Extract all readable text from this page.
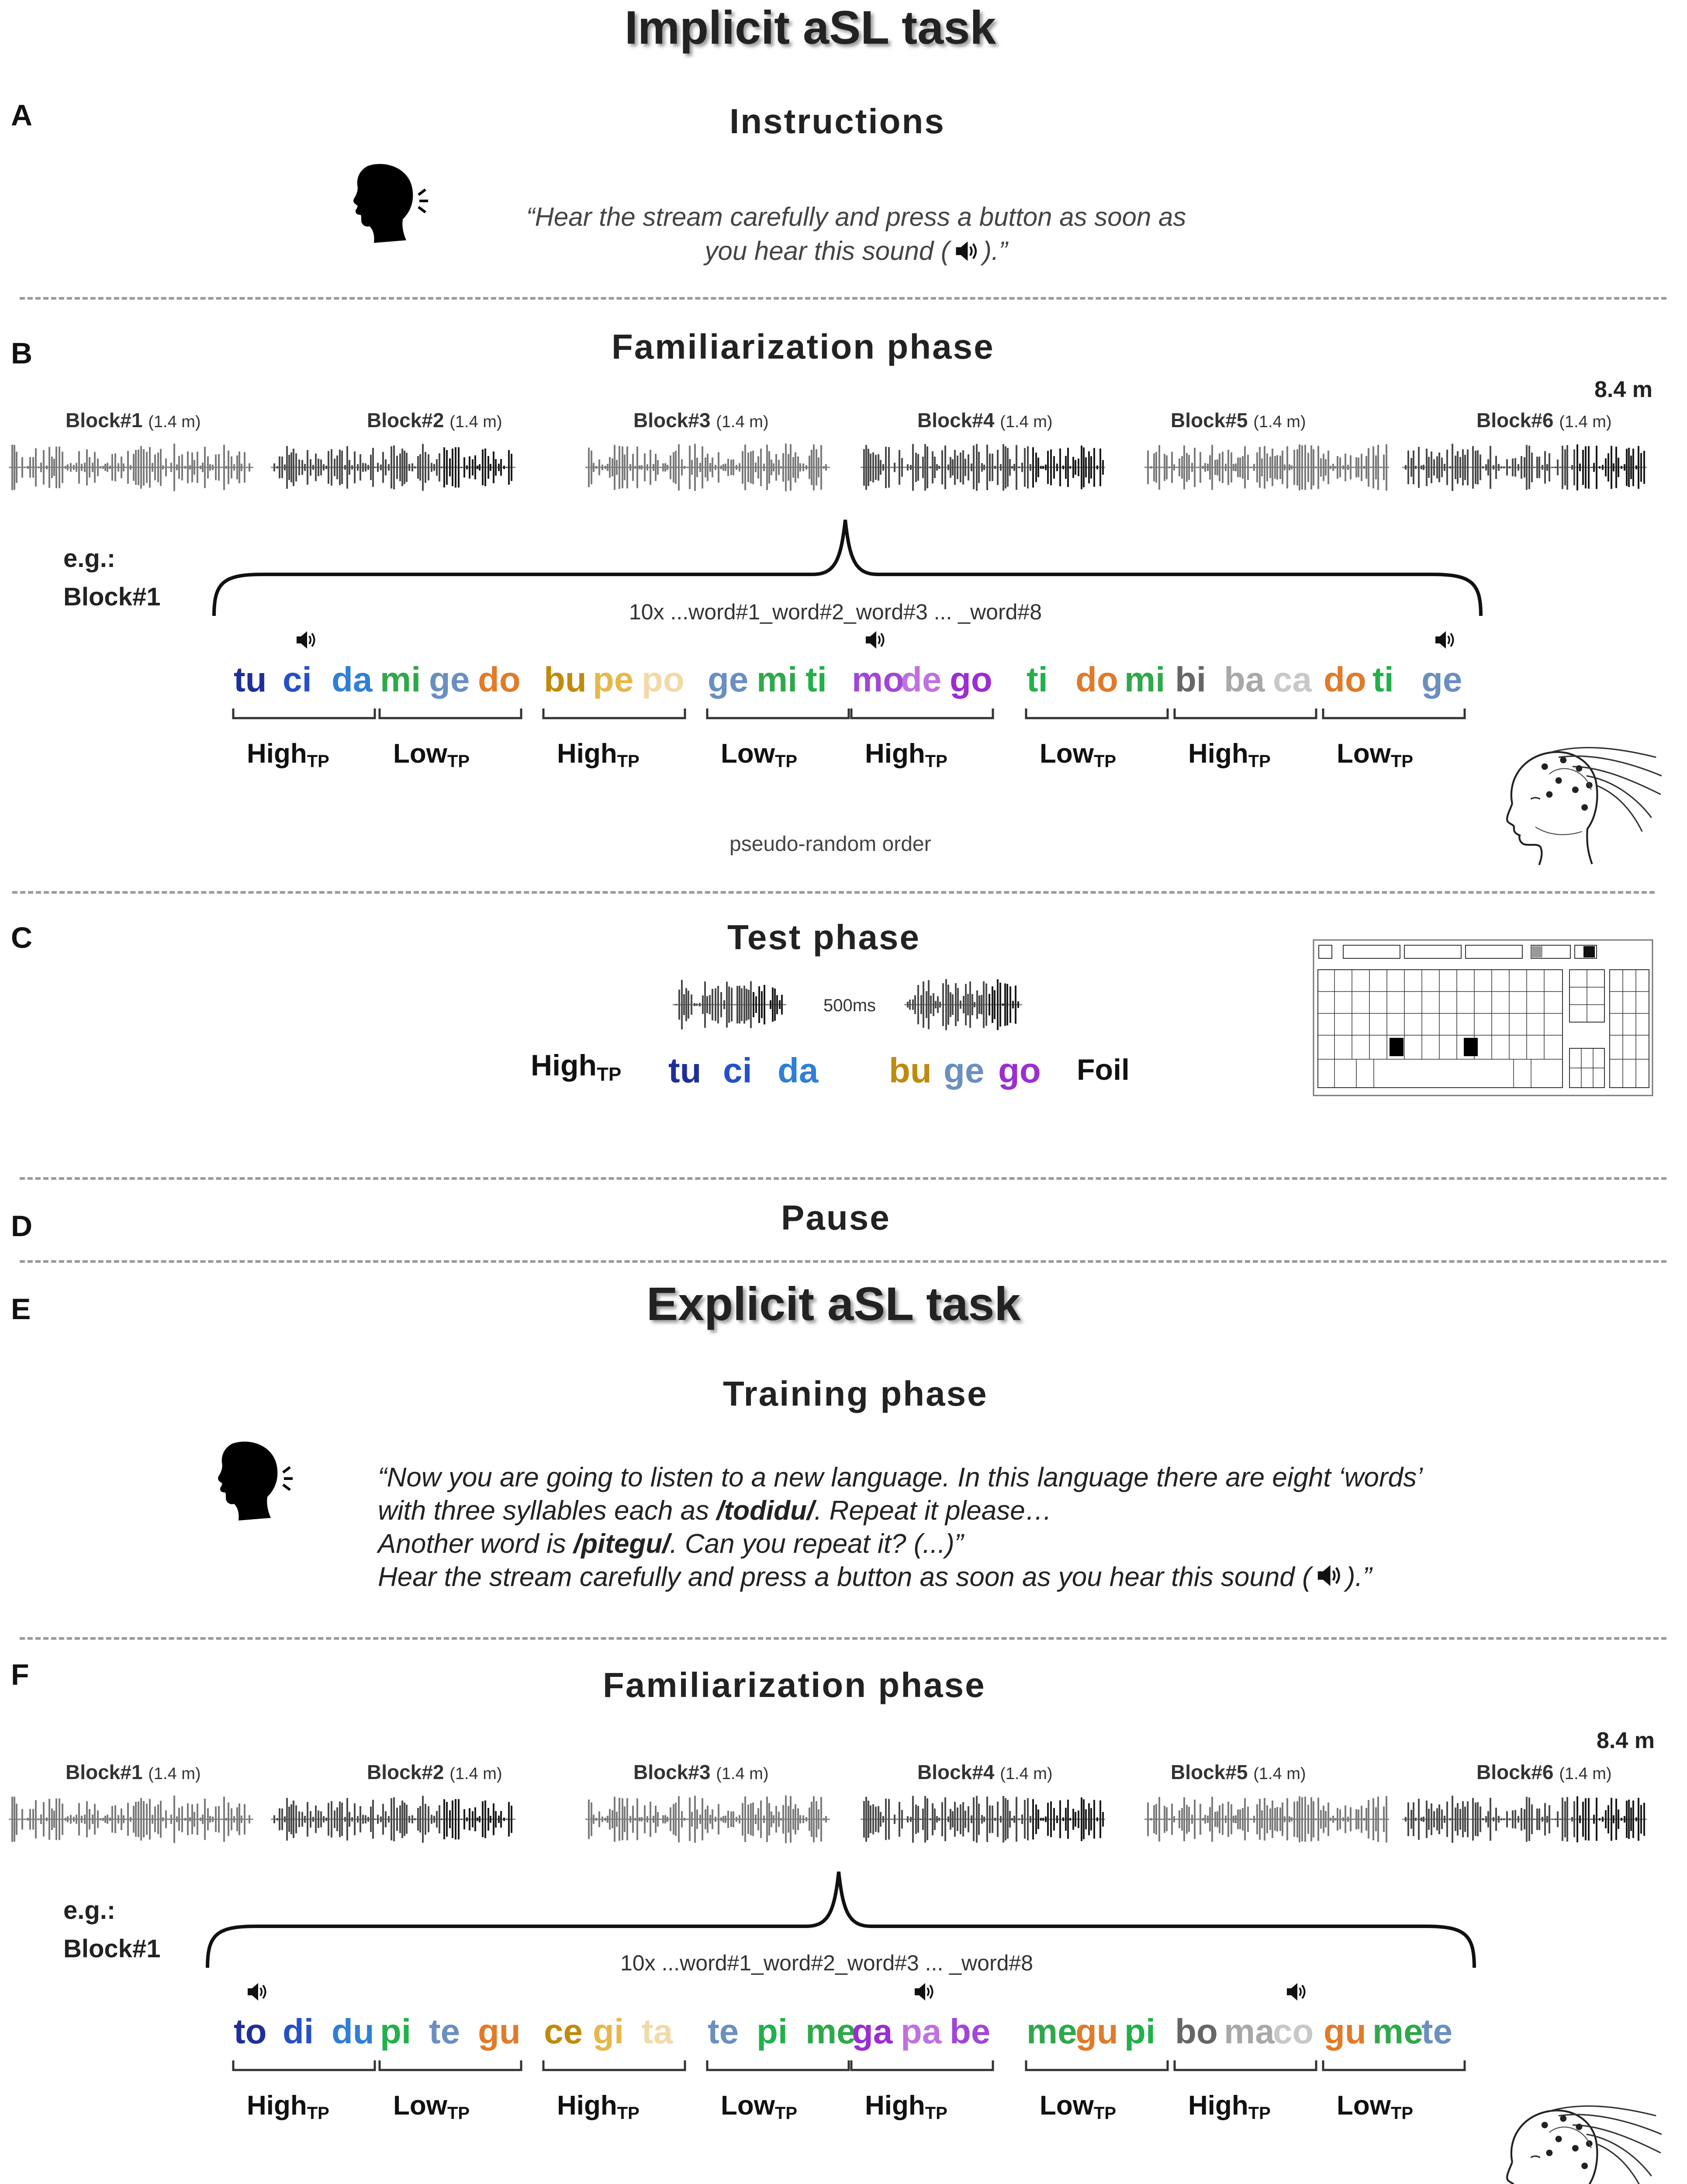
Implicit aSL task
A	Instructions
“Hear the stream carefully and press a button as soon as
you hear this sound ( ).”
B	Familiarization phase
8.4 m
Block#1 (1.4 m)	Block#2 (1.4 m)	Block#3 (1.4 m)	Block#4 (1.4 m)	Block#5 (1.4 m)	Block#6 (1.4 m)
e.g.:
Block#1
10x ...word#1_word#2_word#3 ... _word#8
tu ci da
High$_{TP}$
mi ge do
Low$_{TP}$
bu pe po
High$_{TP}$
ge mi ti
Low$_{TP}$
mo
de go
High$_{TP}$
ti do mi
Low$_{TP}$
bi ba ca
High$_{TP}$
do ti ge
Low$_{TP}$
pseudo-random order
C	Test phase
500ms
High$_{TP}$ tu ci da bu ge go Foil
D	Pause
E	Explicit aSL task
Training phase
“Now you are going to listen to a new language. In this language there are eight ‘words’
with three syllables each as /todidu/. Repeat it please…
Another word is /pitegu/. Can you repeat it? (...)”
Hear the stream carefully and press a button as soon as you hear this sound ( ).”
F	Familiarization phase
8.4 m
Block#1 (1.4 m)	Block#2 (1.4 m)	Block#3 (1.4 m)	Block#4 (1.4 m)	Block#5 (1.4 m)	Block#6 (1.4 m)
e.g.:
Block#1	10x ...word#1_word#2_word#3 ... _word#8
to di du
High$_{TP}$
pi te gu
Low$_{TP}$
ce gi ta
High$_{TP}$
te pi me
Low$_{TP}$
ga pa be
High$_{TP}$
me
gu pi
Low$_{TP}$
bo ma
co
High$_{TP}$
gu me
te
Low$_{TP}$
